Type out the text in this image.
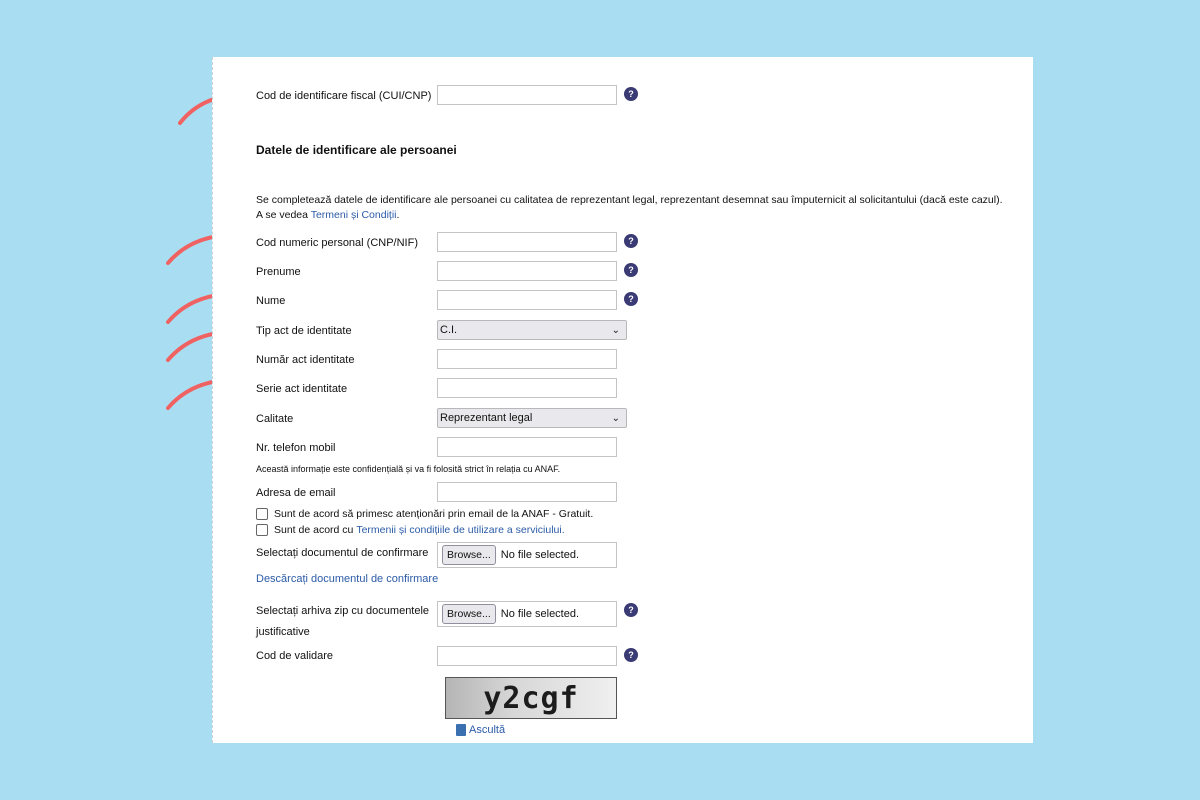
Cod de identificare fiscal (CUI/CNP)	?
Datele de identificare ale persoanei
Se completează datele de identificare ale persoanei cu calitatea de reprezentant legal, reprezentant desemnat sau împuternicit al solicitantului (dacă este cazul).
A se vedea Termeni și Condiții.
Cod numeric personal (CNP/NIF)	?
Prenume	?
Nume	?
Tip act de identitate	C.I.	⌄
Număr act identitate
Serie act identitate
Calitate	Reprezentant legal	⌄
Nr. telefon mobil
Această informație este confidențială și va fi folosită strict în relația cu ANAF.
Adresa de email
Sunt de acord să primesc atenționări prin email de la ANAF - Gratuit.
Sunt de acord cu
Termenii și condițiile de utilizare a serviciului.
Selectați documentul de confirmare	Browse... No file selected.
Descărcați documentul de confirmare
Selectați arhiva zip cu documentele
justificative
Browse... No file selected.	?
Cod de validare	?
y2cgf
Ascultă
